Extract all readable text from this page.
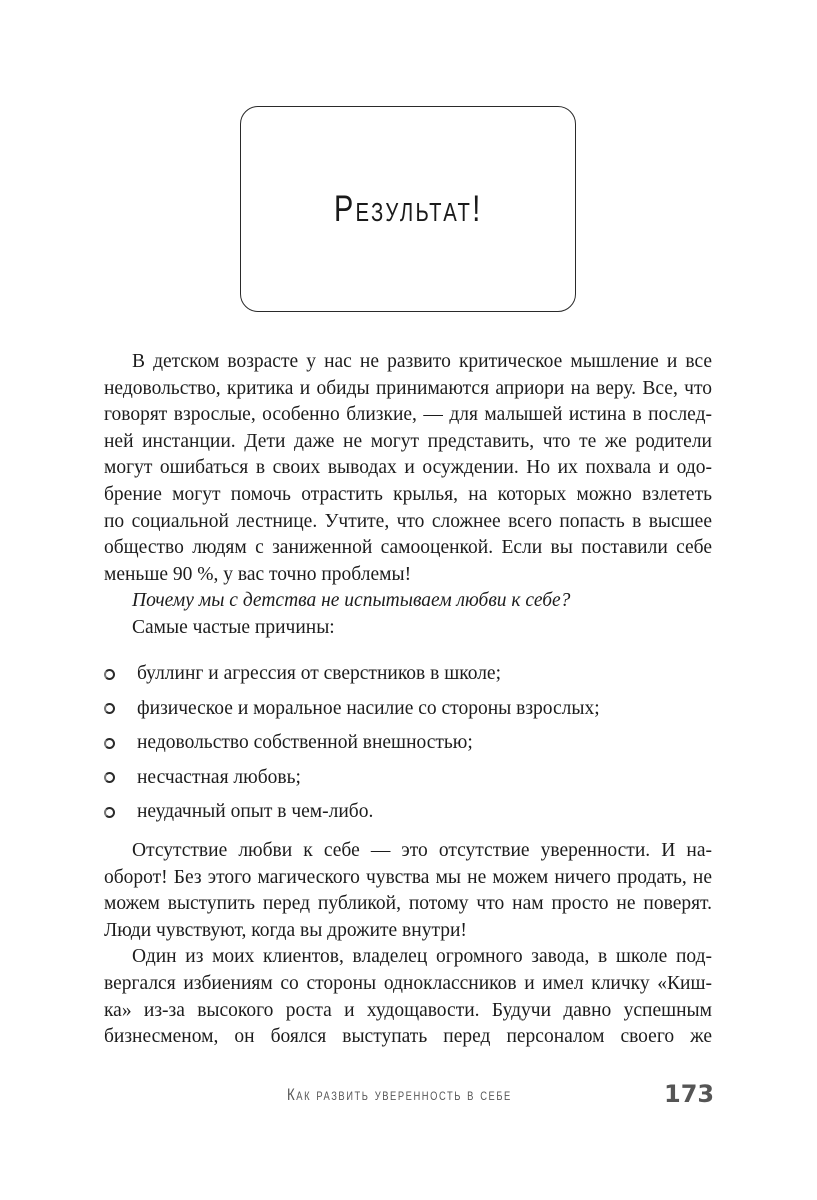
Результат!
В детском возрасте у нас не развито критическое мышление и все
недовольство, критика и обиды принимаются априори на веру. Все, что
говорят взрослые, особенно близкие, — для малышей истина в послед-
ней инстанции. Дети даже не могут представить, что те же родители
могут ошибаться в своих выводах и осуждении. Но их похвала и одо-
брение могут помочь отрастить крылья, на которых можно взлететь
по социальной лестнице. Учтите, что сложнее всего попасть в высшее
общество людям с заниженной самооценкой. Если вы поставили себе
меньше 90 %, у вас точно проблемы!
Почему мы с детства не испытываем любви к себе?
Самые частые причины:
буллинг и агрессия от сверстников в школе;
физическое и моральное насилие со стороны взрослых;
недовольство собственной внешностью;
несчастная любовь;
неудачный опыт в чем-либо.
Отсутствие любви к себе — это отсутствие уверенности. И на-
оборот! Без этого магического чувства мы не можем ничего продать, не
можем выступить перед публикой, потому что нам просто не поверят.
Люди чувствуют, когда вы дрожите внутри!
Один из моих клиентов, владелец огромного завода, в школе под-
вергался избиениям со стороны одноклассников и имел кличку «Киш-
ка» из-за высокого роста и худощавости. Будучи давно успешным
бизнесменом, он боялся выступать перед персоналом своего же
Как развить уверенность в себе	173
